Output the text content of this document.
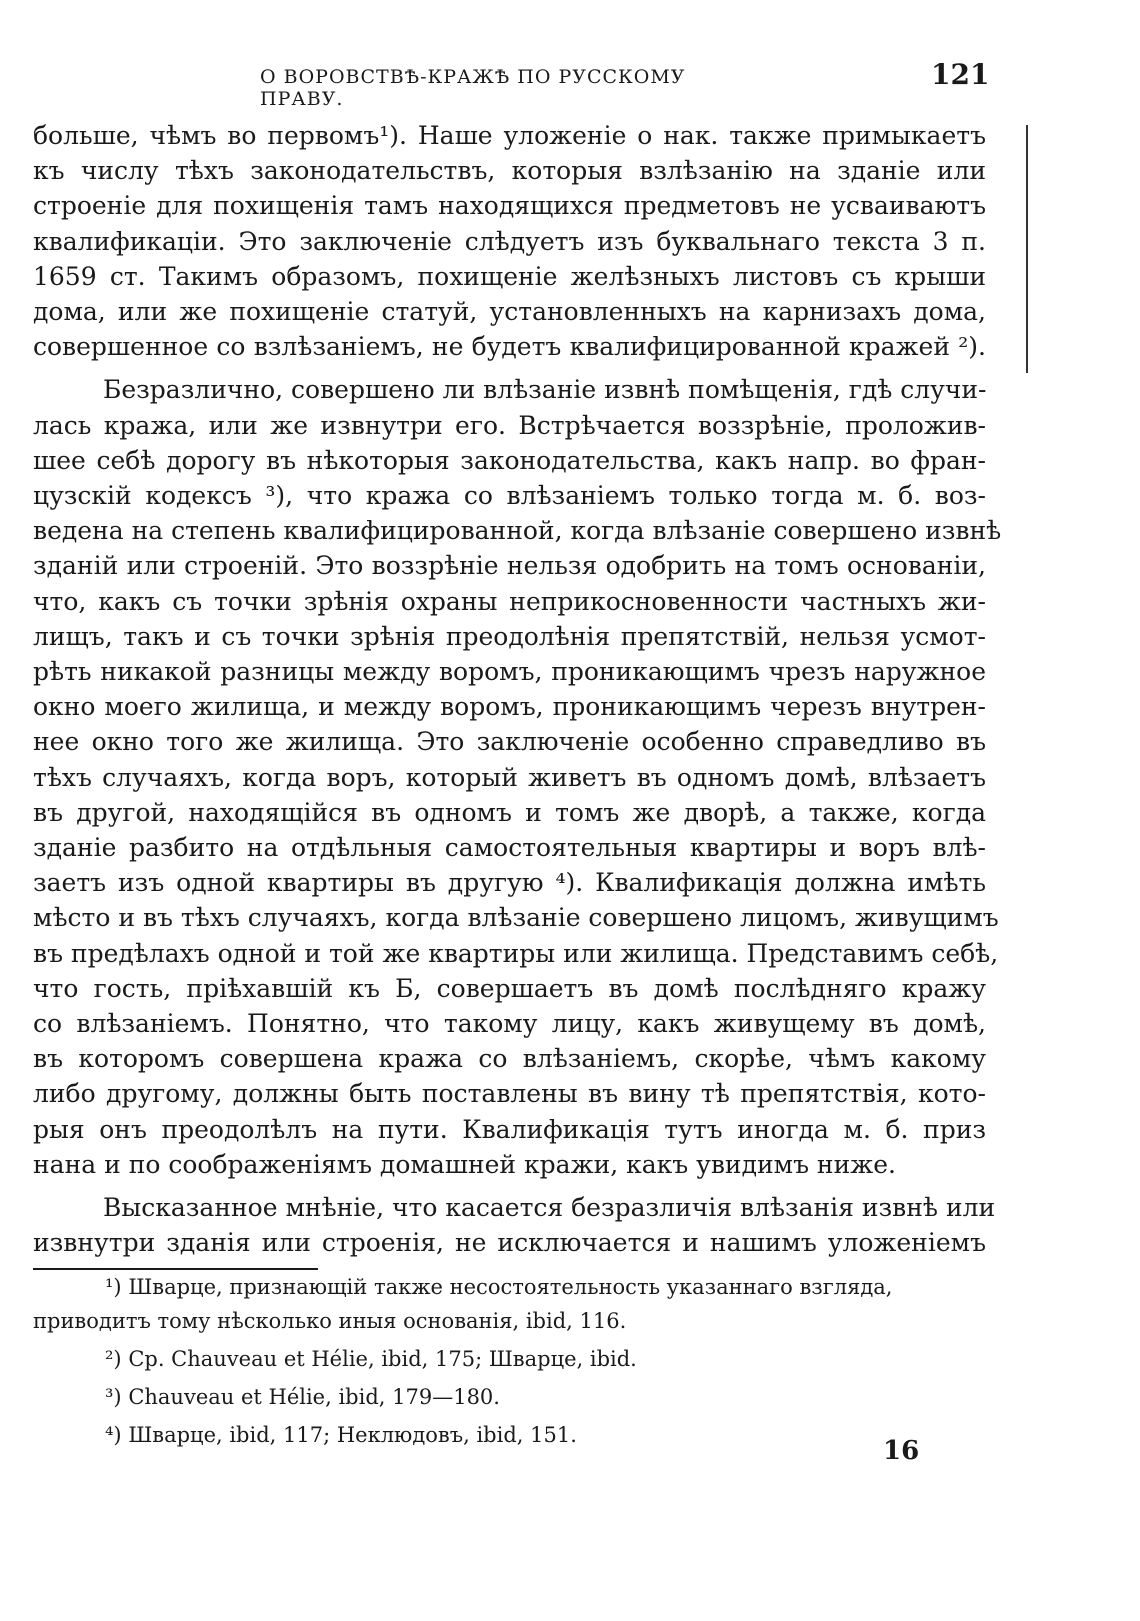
О ВОРОВСТВѢ-КРАЖѢ ПО РУССКОМУ ПРАВУ.
121
больше, чѣмъ во первомъ¹). Наше уложеніе о нак. также примыкаетъ
къ числу тѣхъ законодательствъ, которыя взлѣзанію на зданіе или
строеніе для похищенія тамъ находящихся предметовъ не усваиваютъ
квалификаціи. Это заключеніе слѣдуетъ изъ буквальнаго текста 3 п.
1659 ст. Такимъ образомъ, похищеніе желѣзныхъ листовъ съ крыши
дома, или же похищеніе статуй, установленныхъ на карнизахъ дома,
совершенное со взлѣзаніемъ, не будетъ квалифицированной кражей ²).
Безразлично, совершено ли влѣзаніе извнѣ помѣщенія, гдѣ случи-
лась кража, или же извнутри его. Встрѣчается воззрѣніе, проложив-
шее себѣ дорогу въ нѣкоторыя законодательства, какъ напр. во фран-
цузскій кодексъ ³), что кража со влѣзаніемъ только тогда м. б. воз-
ведена на степень квалифицированной, когда влѣзаніе совершено извнѣ
зданій или строеній. Это воззрѣніе нельзя одобрить на томъ основаніи,
что, какъ съ точки зрѣнія охраны неприкосновенности частныхъ жи-
лищъ, такъ и съ точки зрѣнія преодолѣнія препятствій, нельзя усмот-
рѣть никакой разницы между воромъ, проникающимъ чрезъ наружное
окно моего жилища, и между воромъ, проникающимъ черезъ внутрен-
нее окно того же жилища. Это заключеніе особенно справедливо въ
тѣхъ случаяхъ, когда воръ, который живетъ въ одномъ домѣ, влѣзаетъ
въ другой, находящійся въ одномъ и томъ же дворѣ, а также, когда
зданіе разбито на отдѣльныя самостоятельныя квартиры и воръ влѣ-
заетъ изъ одной квартиры въ другую ⁴). Квалификація должна имѣть
мѣсто и въ тѣхъ случаяхъ, когда влѣзаніе совершено лицомъ, живущимъ
въ предѣлахъ одной и той же квартиры или жилища. Представимъ себѣ,
что гость, пріѣхавшій къ Б, совершаетъ въ домѣ послѣдняго кражу
со влѣзаніемъ. Понятно, что такому лицу, какъ живущему въ домѣ,
въ которомъ совершена кража со влѣзаніемъ, скорѣе, чѣмъ какому
либо другому, должны быть поставлены въ вину тѣ препятствія, кото-
рыя онъ преодолѣлъ на пути. Квалификація тутъ иногда м. б. приз
нана и по соображеніямъ домашней кражи, какъ увидимъ ниже.
Высказанное мнѣніе, что касается безразличія влѣзанія извнѣ или
извнутри зданія или строенія, не исключается и нашимъ уложеніемъ
¹) Шварце, признающій также несостоятельность указаннаго взгляда,
приводитъ тому нѣсколько иныя основанія, ibid, 116.
²) Ср. Chauveau et Hélie, ibid, 175; Шварце, ibid.
³) Chauveau et Hélie, ibid, 179—180.
⁴) Шварце, ibid, 117; Неклюдовъ, ibid, 151.
16
